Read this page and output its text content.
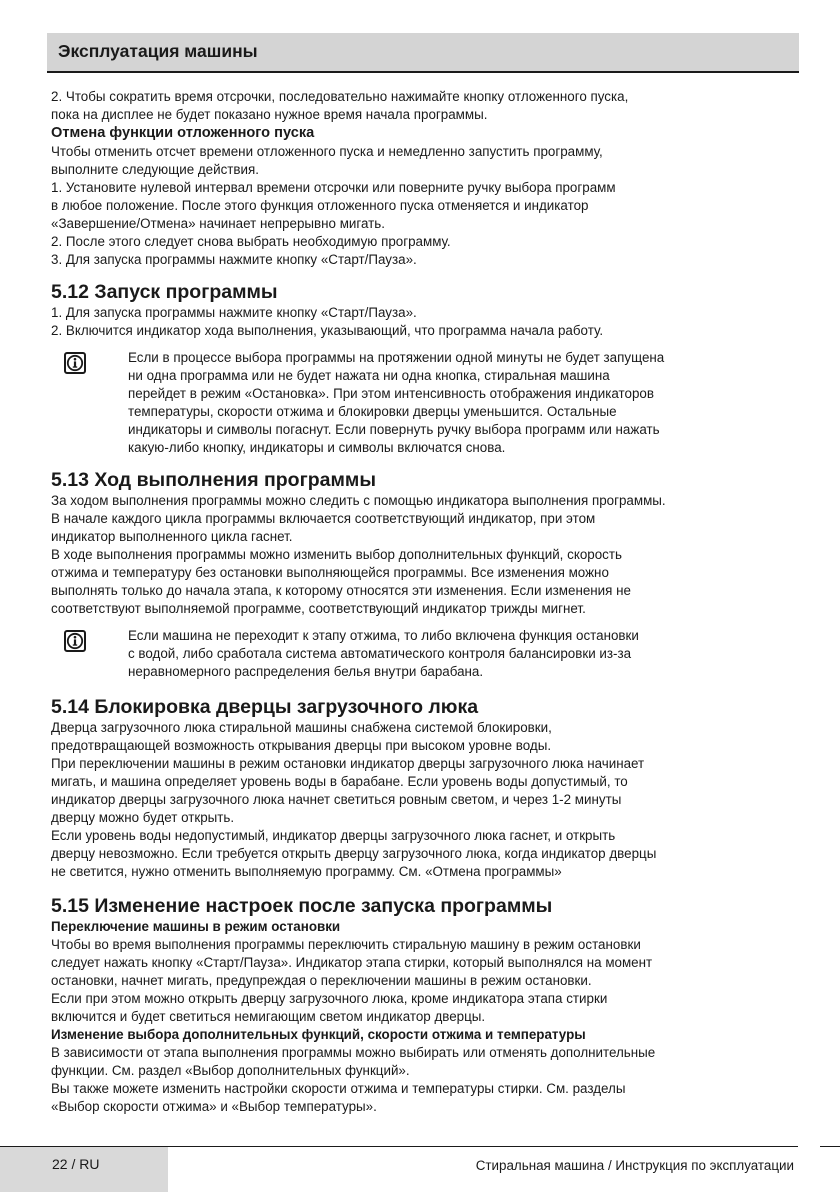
Эксплуатация машины
2. Чтобы сократить время отсрочки, последовательно нажимайте кнопку отложенного пуска,
пока на дисплее не будет показано нужное время начала программы.
Отмена функции отложенного пуска
Чтобы отменить отсчет времени отложенного пуска и немедленно запустить программу,
выполните следующие действия.
1. Установите нулевой интервал времени отсрочки или поверните ручку выбора программ
в любое положение. После этого функция отложенного пуска отменяется и индикатор
«Завершение/Отмена» начинает непрерывно мигать.
2. После этого следует снова выбрать необходимую программу.
3. Для запуска программы нажмите кнопку «Старт/Пауза».
5.12 Запуск программы
1. Для запуска программы нажмите кнопку «Старт/Пауза».
2. Включится индикатор хода выполнения, указывающий, что программа начала работу.
Если в процессе выбора программы на протяжении одной минуты не будет запущена
ни одна программа или не будет нажата ни одна кнопка, стиральная машина
перейдет в режим «Остановка». При этом интенсивность отображения индикаторов
температуры, скорости отжима и блокировки дверцы уменьшится. Остальные
индикаторы и символы погаснут. Если повернуть ручку выбора программ или нажать
какую-либо кнопку, индикаторы и символы включатся снова.
5.13 Ход выполнения программы
За ходом выполнения программы можно следить с помощью индикатора выполнения программы.
В начале каждого цикла программы включается соответствующий индикатор, при этом
индикатор выполненного цикла гаснет.
В ходе выполнения программы можно изменить выбор дополнительных функций, скорость
отжима и температуру без остановки выполняющейся программы. Все изменения можно
выполнять только до начала этапа, к которому относятся эти изменения. Если изменения не
соответствуют выполняемой программе, соответствующий индикатор трижды мигнет.
Если машина не переходит к этапу отжима, то либо включена функция остановки
с водой, либо сработала система автоматического контроля балансировки из-за
неравномерного распределения белья внутри барабана.
5.14 Блокировка дверцы загрузочного люка
Дверца загрузочного люка стиральной машины снабжена системой блокировки,
предотвращающей возможность открывания дверцы при высоком уровне воды.
При переключении машины в режим остановки индикатор дверцы загрузочного люка начинает
мигать, и машина определяет уровень воды в барабане. Если уровень воды допустимый, то
индикатор дверцы загрузочного люка начнет светиться ровным светом, и через 1-2 минуты
дверцу можно будет открыть.
Если уровень воды недопустимый, индикатор дверцы загрузочного люка гаснет, и открыть
дверцу невозможно. Если требуется открыть дверцу загрузочного люка, когда индикатор дверцы
не светится, нужно отменить выполняемую программу. См. «Отмена программы»
5.15 Изменение настроек после запуска программы
Переключение машины в режим остановки
Чтобы во время выполнения программы переключить стиральную машину в режим остановки
следует нажать кнопку «Старт/Пауза». Индикатор этапа стирки, который выполнялся на момент
остановки, начнет мигать, предупреждая о переключении машины в режим остановки.
Если при этом можно открыть дверцу загрузочного люка, кроме индикатора этапа стирки
включится и будет светиться немигающим светом индикатор дверцы.
Изменение выбора дополнительных функций, скорости отжима и температуры
В зависимости от этапа выполнения программы можно выбирать или отменять дополнительные
функции. См. раздел «Выбор дополнительных функций».
Вы также можете изменить настройки скорости отжима и температуры стирки. См. разделы
«Выбор скорости отжима» и «Выбор температуры».
22 / RU	Стиральная машина / Инструкция по эксплуатации
